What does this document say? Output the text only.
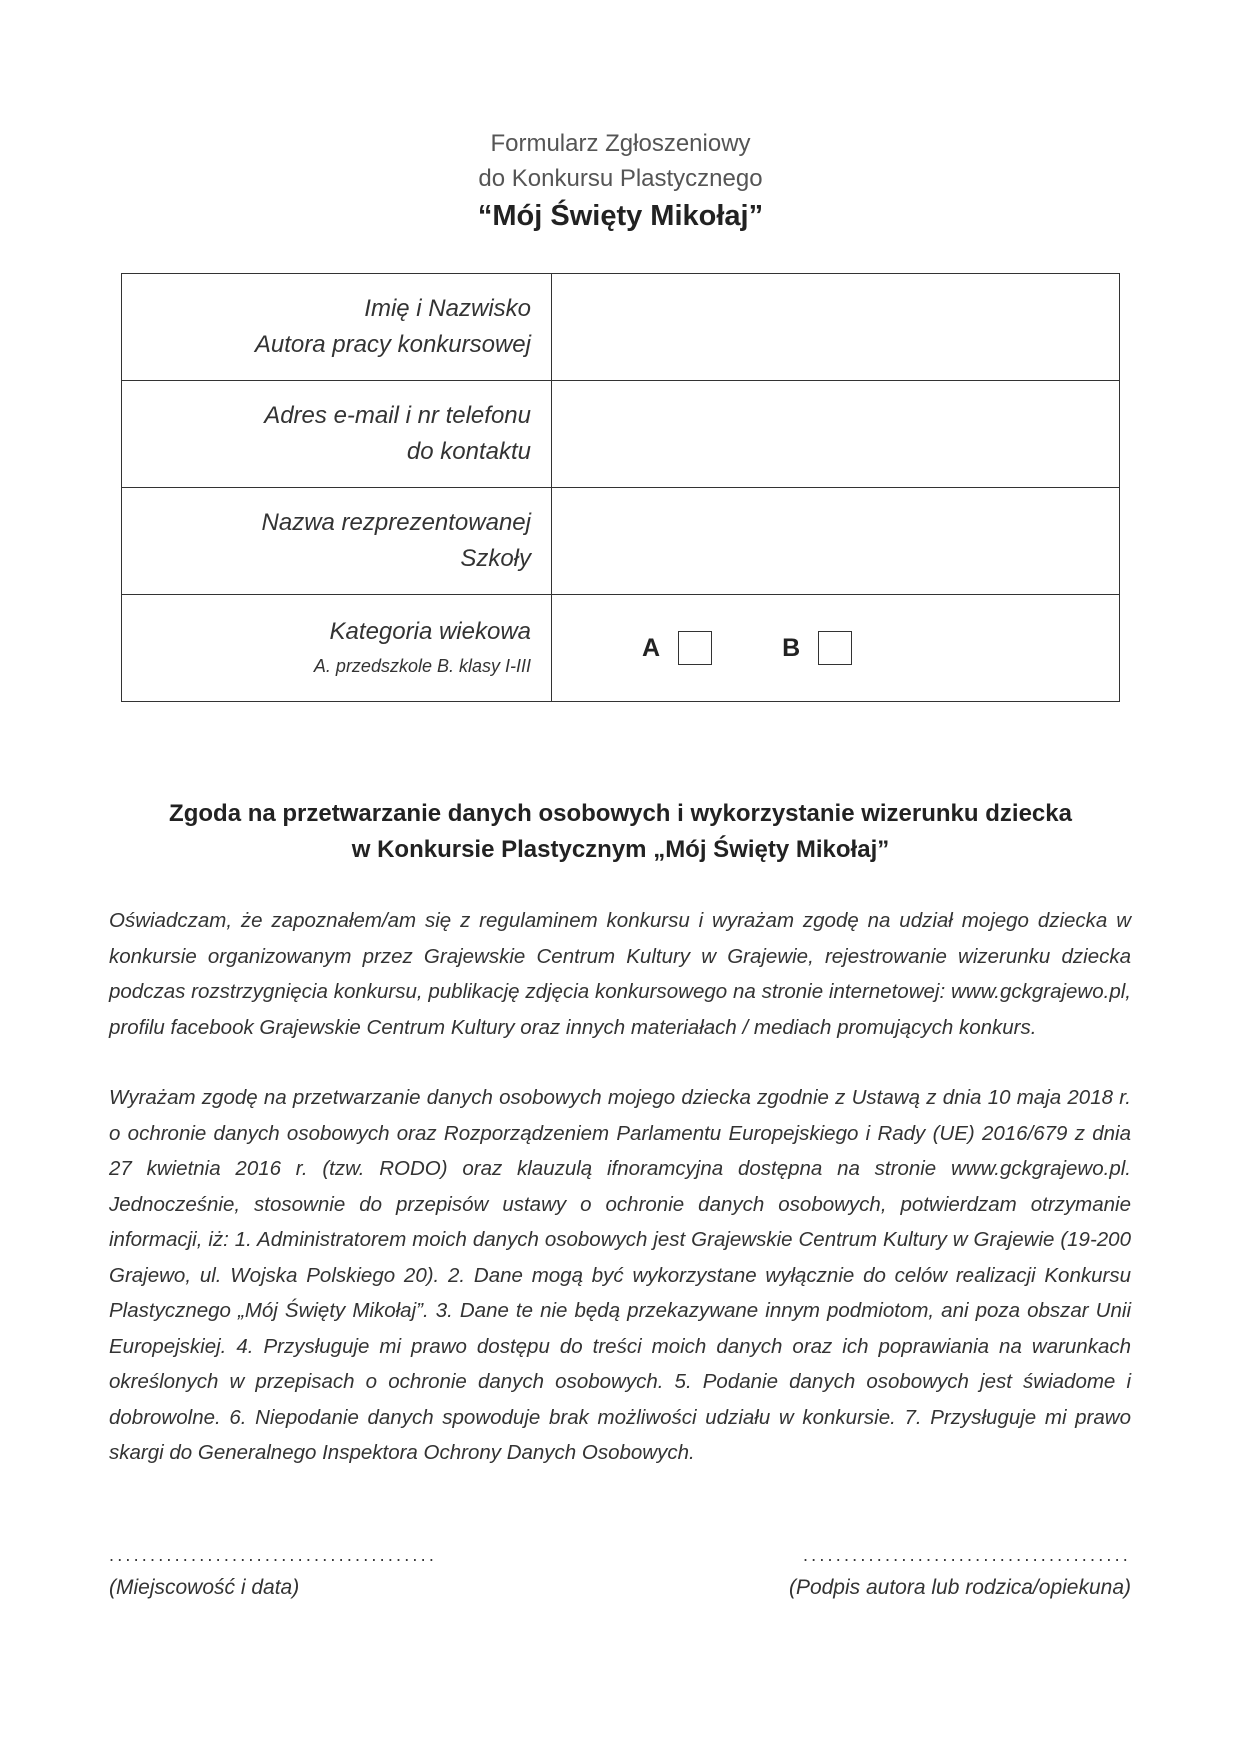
Formularz Zgłoszeniowy
do Konkursu Plastycznego
“Mój Święty Mikołaj”
Imię i Nazwisko
Autora pracy konkursowej	

Adres e-mail i nr telefonu
do kontaktu	

Nazwa rezprezentowanej
Szkoły	

Kategoria wiekowa
A. przedszkole B. klasy I-III	A B
Zgoda na przetwarzanie danych osobowych i wykorzystanie wizerunku dziecka
w Konkursie Plastycznym „Mój Święty Mikołaj”
Oświadczam, że zapoznałem/am się z regulaminem konkursu i wyrażam zgodę na udział mojego dziecka w konkursie organizowanym przez Grajewskie Centrum Kultury w Grajewie, rejestrowanie wizerunku dziecka podczas rozstrzygnięcia konkursu, publikację zdjęcia konkursowego na stronie internetowej: www.gckgrajewo.pl, profilu facebook Grajewskie Centrum Kultury oraz innych materiałach / mediach promujących konkurs.
Wyrażam zgodę na przetwarzanie danych osobowych mojego dziecka zgodnie z Ustawą z dnia 10 maja 2018 r. o ochronie danych osobowych oraz Rozporządzeniem Parlamentu Europejskiego i Rady (UE) 2016/679 z dnia 27 kwietnia 2016 r. (tzw. RODO) oraz klauzulą ifnoramcyjna dostępna na stronie www.gckgrajewo.pl. Jednocześnie, stosownie do przepisów ustawy o ochronie danych osobowych, potwierdzam otrzymanie informacji, iż: 1. Administratorem moich danych osobowych jest Grajewskie Centrum Kultury w Grajewie (19-200 Grajewo, ul. Wojska Polskiego 20). 2. Dane mogą być wykorzystane wyłącznie do celów realizacji Konkursu Plastycznego „Mój Święty Mikołaj”. 3. Dane te nie będą przekazywane innym podmiotom, ani poza obszar Unii Europejskiej. 4. Przysługuje mi prawo dostępu do treści moich danych oraz ich poprawiania na warunkach określonych w przepisach o ochronie danych osobowych. 5. Podanie danych osobowych jest świadome i dobrowolne. 6. Niepodanie danych spowoduje brak możliwości udziału w konkursie. 7. Przysługuje mi prawo skargi do Generalnego Inspektora Ochrony Danych Osobowych.
........................................
(Miejscowość i data)
........................................
(Podpis autora lub rodzica/opiekuna)
